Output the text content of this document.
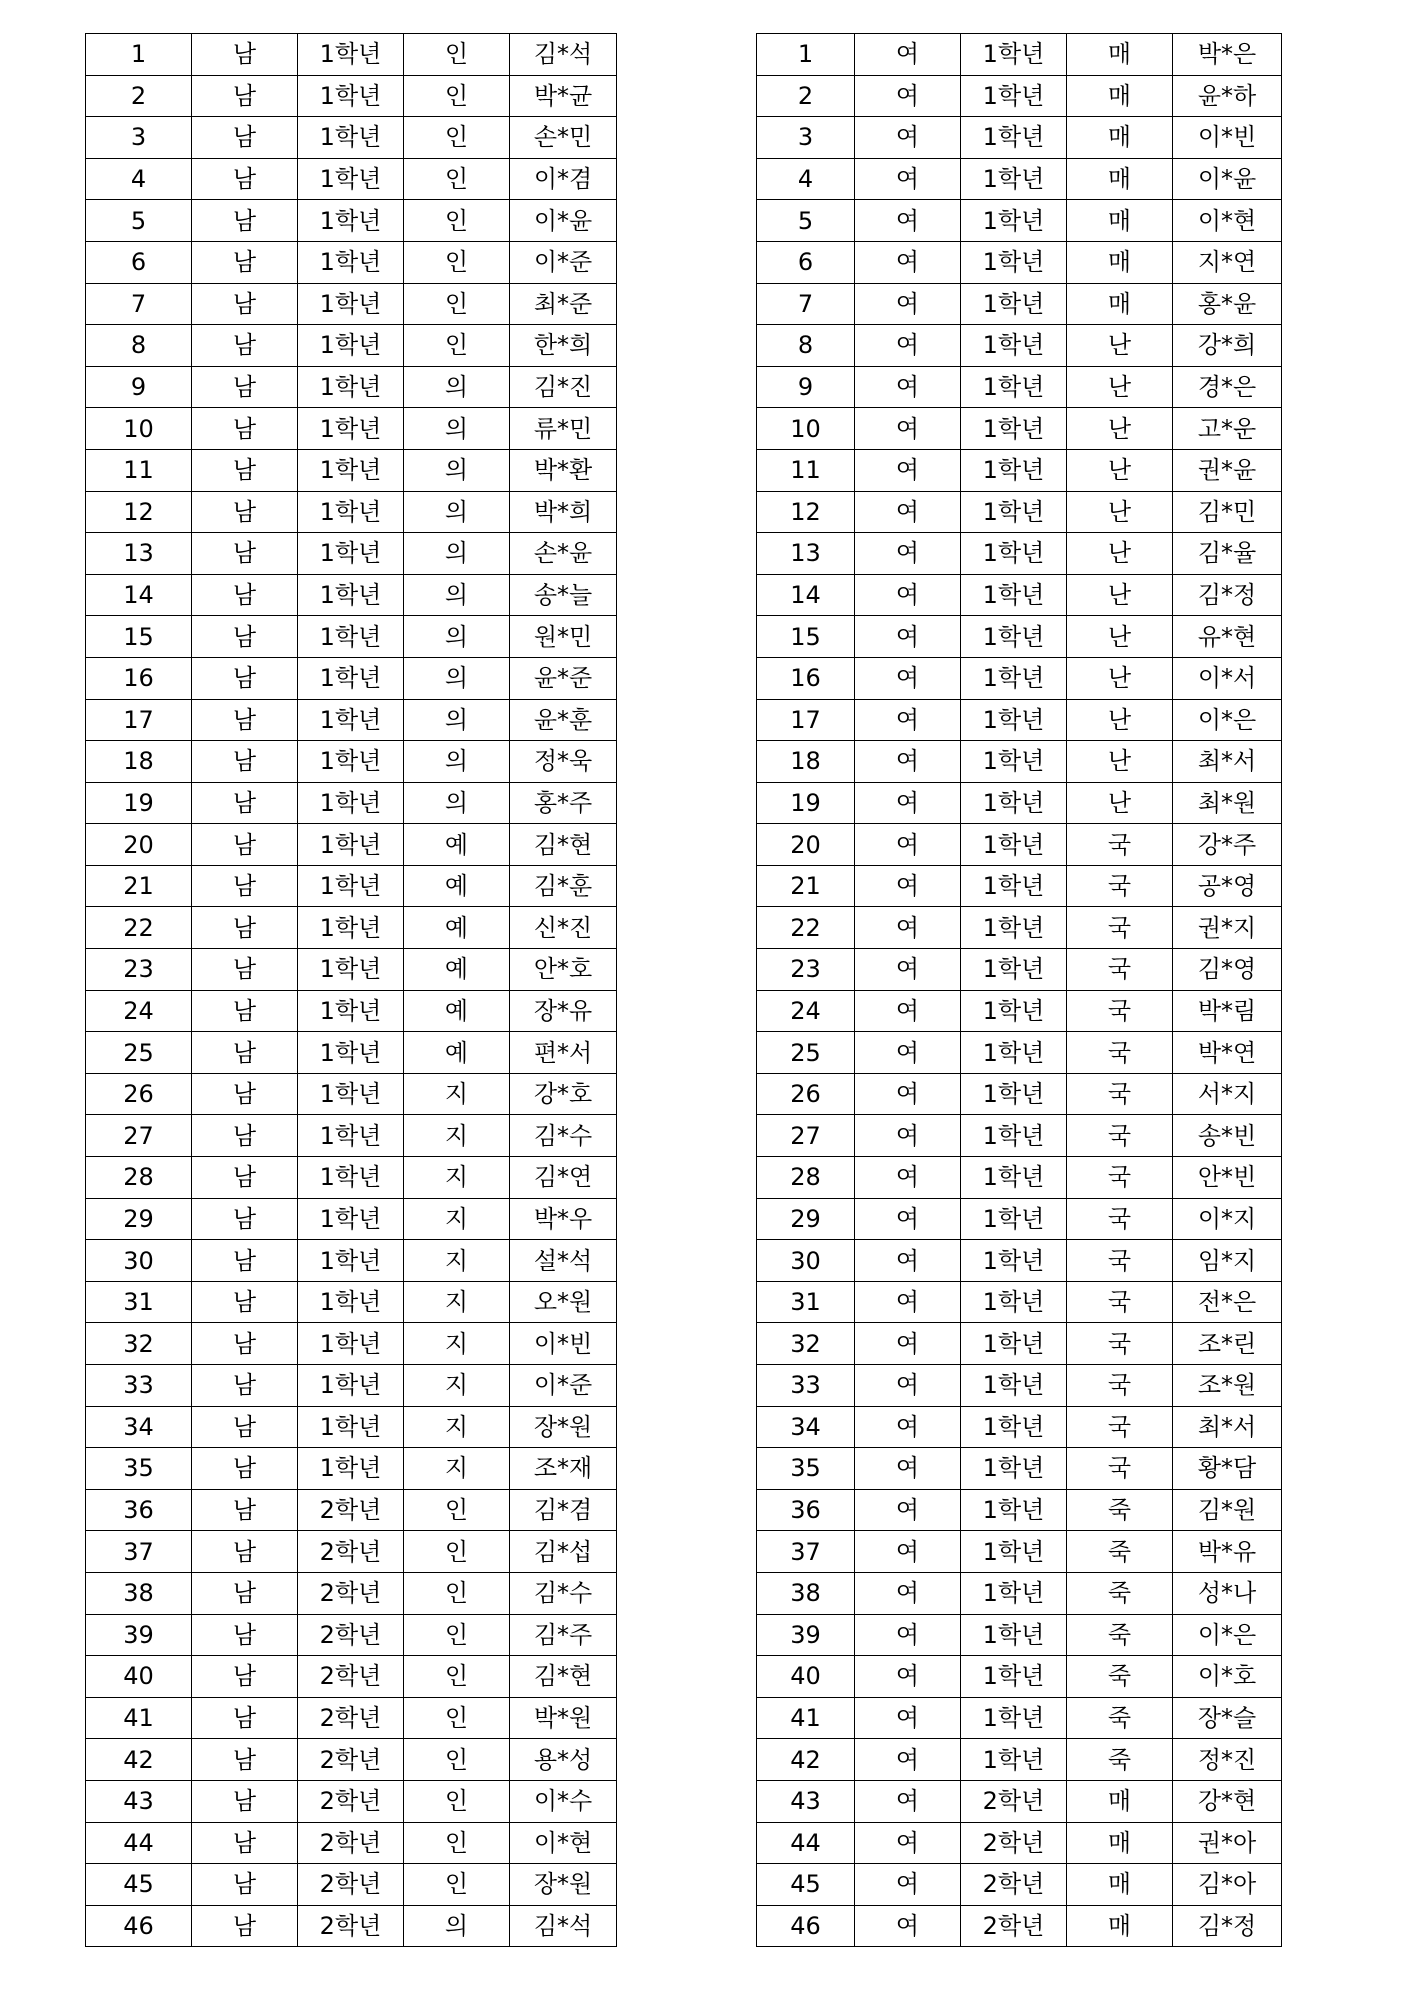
1	남	1학년	인	김*석
2	남	1학년	인	박*균
3	남	1학년	인	손*민
4	남	1학년	인	이*겸
5	남	1학년	인	이*윤
6	남	1학년	인	이*준
7	남	1학년	인	최*준
8	남	1학년	인	한*희
9	남	1학년	의	김*진
10	남	1학년	의	류*민
11	남	1학년	의	박*환
12	남	1학년	의	박*희
13	남	1학년	의	손*윤
14	남	1학년	의	송*늘
15	남	1학년	의	원*민
16	남	1학년	의	윤*준
17	남	1학년	의	윤*훈
18	남	1학년	의	정*욱
19	남	1학년	의	홍*주
20	남	1학년	예	김*현
21	남	1학년	예	김*훈
22	남	1학년	예	신*진
23	남	1학년	예	안*호
24	남	1학년	예	장*유
25	남	1학년	예	편*서
26	남	1학년	지	강*호
27	남	1학년	지	김*수
28	남	1학년	지	김*연
29	남	1학년	지	박*우
30	남	1학년	지	설*석
31	남	1학년	지	오*원
32	남	1학년	지	이*빈
33	남	1학년	지	이*준
34	남	1학년	지	장*원
35	남	1학년	지	조*재
36	남	2학년	인	김*겸
37	남	2학년	인	김*섭
38	남	2학년	인	김*수
39	남	2학년	인	김*주
40	남	2학년	인	김*현
41	남	2학년	인	박*원
42	남	2학년	인	용*성
43	남	2학년	인	이*수
44	남	2학년	인	이*현
45	남	2학년	인	장*원
46	남	2학년	의	김*석
1	여	1학년	매	박*은
2	여	1학년	매	윤*하
3	여	1학년	매	이*빈
4	여	1학년	매	이*윤
5	여	1학년	매	이*현
6	여	1학년	매	지*연
7	여	1학년	매	홍*윤
8	여	1학년	난	강*희
9	여	1학년	난	경*은
10	여	1학년	난	고*운
11	여	1학년	난	권*윤
12	여	1학년	난	김*민
13	여	1학년	난	김*율
14	여	1학년	난	김*정
15	여	1학년	난	유*현
16	여	1학년	난	이*서
17	여	1학년	난	이*은
18	여	1학년	난	최*서
19	여	1학년	난	최*원
20	여	1학년	국	강*주
21	여	1학년	국	공*영
22	여	1학년	국	권*지
23	여	1학년	국	김*영
24	여	1학년	국	박*림
25	여	1학년	국	박*연
26	여	1학년	국	서*지
27	여	1학년	국	송*빈
28	여	1학년	국	안*빈
29	여	1학년	국	이*지
30	여	1학년	국	임*지
31	여	1학년	국	전*은
32	여	1학년	국	조*린
33	여	1학년	국	조*원
34	여	1학년	국	최*서
35	여	1학년	국	황*담
36	여	1학년	죽	김*원
37	여	1학년	죽	박*유
38	여	1학년	죽	성*나
39	여	1학년	죽	이*은
40	여	1학년	죽	이*호
41	여	1학년	죽	장*슬
42	여	1학년	죽	정*진
43	여	2학년	매	강*현
44	여	2학년	매	권*아
45	여	2학년	매	김*아
46	여	2학년	매	김*정
